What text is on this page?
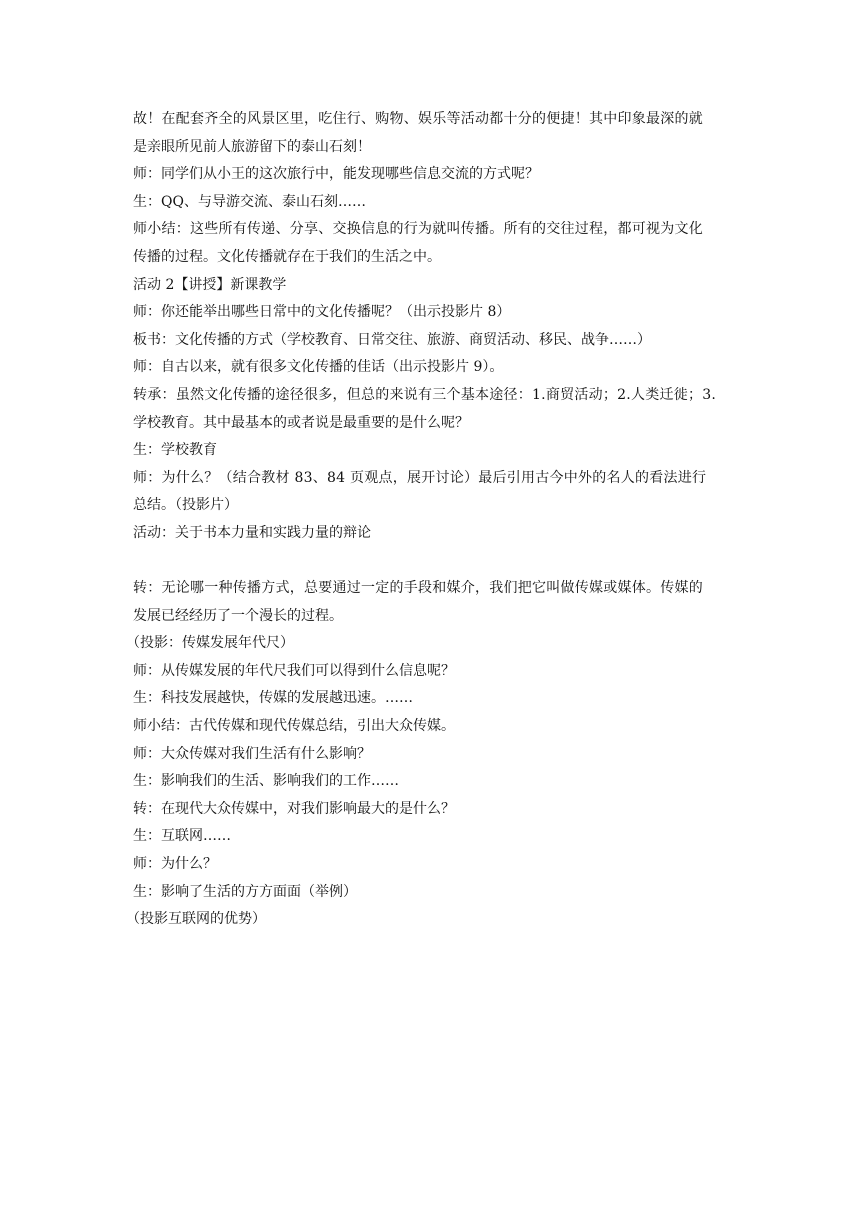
故！在配套齐全的风景区里，吃住行、购物、娱乐等活动都十分的便捷！其中印象最深的就
是亲眼所见前人旅游留下的泰山石刻！
师：同学们从小王的这次旅行中，能发现哪些信息交流的方式呢？
生：QQ、与导游交流、泰山石刻……
师小结：这些所有传递、分享、交换信息的行为就叫传播。所有的交往过程，都可视为文化
传播的过程。文化传播就存在于我们的生活之中。
活动 2【讲授】新课教学
师：你还能举出哪些日常中的文化传播呢？（出示投影片 8）
板书：文化传播的方式（学校教育、日常交往、旅游、商贸活动、移民、战争……）
师：自古以来，就有很多文化传播的佳话（出示投影片 9）。
转承：虽然文化传播的途径很多，但总的来说有三个基本途径：1.商贸活动；2.人类迁徙；3.
学校教育。其中最基本的或者说是最重要的是什么呢？
生：学校教育
师：为什么？（结合教材 83、84 页观点，展开讨论）最后引用古今中外的名人的看法进行
总结。（投影片）
活动：关于书本力量和实践力量的辩论
转：无论哪一种传播方式，总要通过一定的手段和媒介，我们把它叫做传媒或媒体。传媒的
发展已经经历了一个漫长的过程。
（投影：传媒发展年代尺）
师：从传媒发展的年代尺我们可以得到什么信息呢？
生：科技发展越快，传媒的发展越迅速。……
师小结：古代传媒和现代传媒总结，引出大众传媒。
师：大众传媒对我们生活有什么影响？
生：影响我们的生活、影响我们的工作……
转：在现代大众传媒中，对我们影响最大的是什么？
生：互联网……
师：为什么？
生：影响了生活的方方面面（举例）
（投影互联网的优势）
